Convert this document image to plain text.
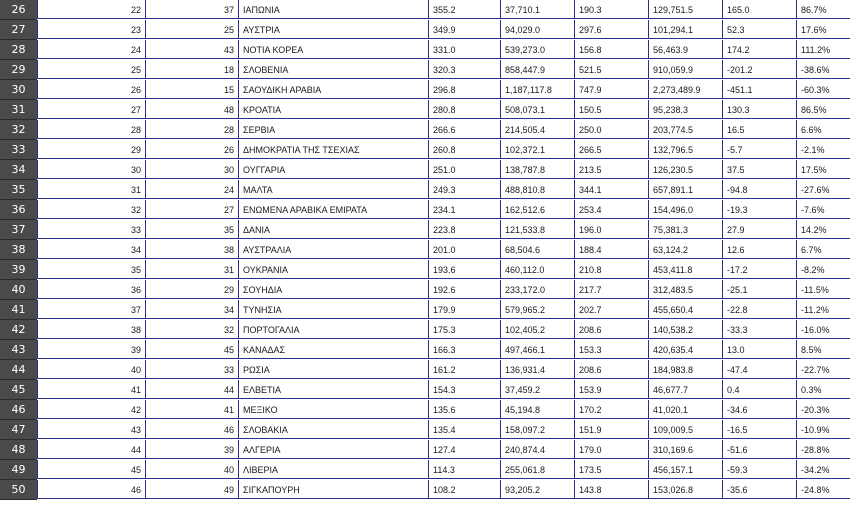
26	22	37	ΙΑΠΩΝΙΑ	355.2	37,710.1	190.3	129,751.5	165.0	86.7%
27	23	25	ΑΥΣΤΡΙΑ	349.9	94,029.0	297.6	101,294.1	52.3	17.6%
28	24	43	ΝΟΤΙΑ ΚΟΡΕΑ	331.0	539,273.0	156.8	56,463.9	174.2	111.2%
29	25	18	ΣΛΟΒΕΝΙΑ	320.3	858,447.9	521.5	910,059.9	-201.2	-38.6%
30	26	15	ΣΑΟΥΔΙΚΗ ΑΡΑΒΙΑ	296.8	1,187,117.8	747.9	2,273,489.9	-451.1	-60.3%
31	27	48	ΚΡΟΑΤΙΑ	280.8	508,073.1	150.5	95,238.3	130.3	86.5%
32	28	28	ΣΕΡΒΙΑ	266.6	214,505.4	250.0	203,774.5	16.5	6.6%
33	29	26	ΔΗΜΟΚΡΑΤΙΑ ΤΗΣ ΤΣΕΧΙΑΣ	260.8	102,372.1	266.5	132,796.5	-5.7	-2.1%
34	30	30	ΟΥΓΓΑΡΙΑ	251.0	138,787.8	213.5	126,230.5	37.5	17.5%
35	31	24	ΜΑΛΤΑ	249.3	488,810.8	344.1	657,891.1	-94.8	-27.6%
36	32	27	ΕΝΩΜΕΝΑ ΑΡΑΒΙΚΑ ΕΜΙΡΑΤΑ	234.1	162,512.6	253.4	154,496.0	-19.3	-7.6%
37	33	35	ΔΑΝΙΑ	223.8	121,533.8	196.0	75,381.3	27.9	14.2%
38	34	38	ΑΥΣΤΡΑΛΙΑ	201.0	68,504.6	188.4	63,124.2	12.6	6.7%
39	35	31	ΟΥΚΡΑΝΙΑ	193.6	460,112.0	210.8	453,411.8	-17.2	-8.2%
40	36	29	ΣΟΥΗΔΙΑ	192.6	233,172.0	217.7	312,483.5	-25.1	-11.5%
41	37	34	ΤΥΝΗΣΙΑ	179.9	579,965.2	202.7	455,650.4	-22.8	-11.2%
42	38	32	ΠΟΡΤΟΓΑΛΙΑ	175.3	102,405.2	208.6	140,538.2	-33.3	-16.0%
43	39	45	ΚΑΝΑΔΑΣ	166.3	497,466.1	153.3	420,635.4	13.0	8.5%
44	40	33	ΡΩΣΙΑ	161.2	136,931.4	208.6	184,983.8	-47.4	-22.7%
45	41	44	ΕΛΒΕΤΙΑ	154.3	37,459.2	153.9	46,677.7	0.4	0.3%
46	42	41	ΜΕΞΙΚΟ	135.6	45,194.8	170.2	41,020.1	-34.6	-20.3%
47	43	46	ΣΛΟΒΑΚΙΑ	135.4	158,097.2	151.9	109,009.5	-16.5	-10.9%
48	44	39	ΑΛΓΕΡΙΑ	127.4	240,874.4	179.0	310,169.6	-51.6	-28.8%
49	45	40	ΛΙΒΕΡΙΑ	114.3	255,061.8	173.5	456,157.1	-59.3	-34.2%
50	46	49	ΣΙΓΚΑΠΟΥΡΗ	108.2	93,205.2	143.8	153,026.8	-35.6	-24.8%
